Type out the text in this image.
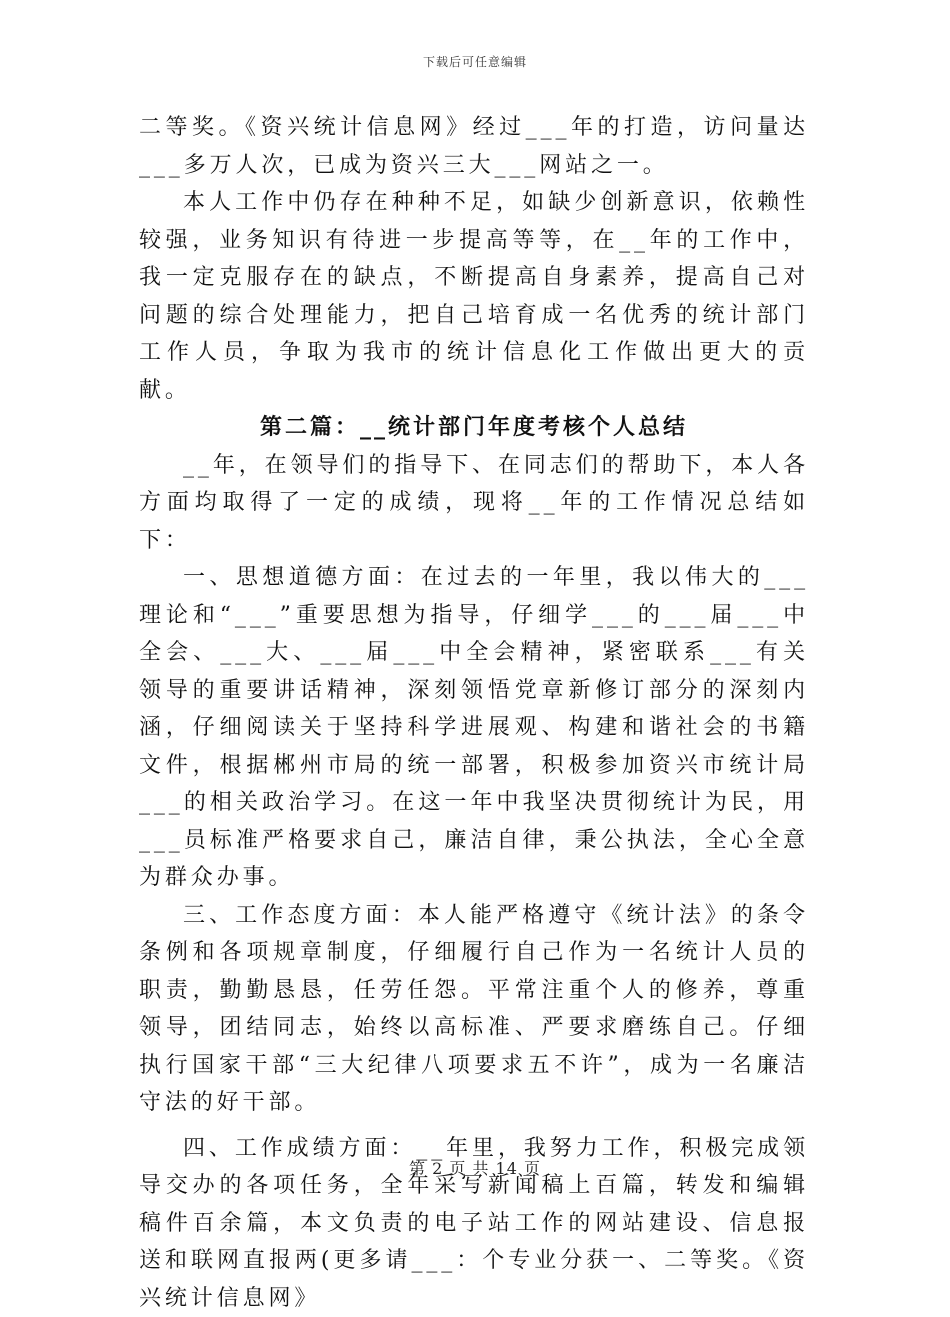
下载后可任意编辑

二等奖。《资兴统计信息网》经过___年的打造，访问量达___多万人次，已成为资兴三大___网站之一。

本人工作中仍存在种种不足，如缺少创新意识，依赖性较强，业务知识有待进一步提高等等，在__年的工作中，我一定克服存在的缺点，不断提高自身素养，提高自己对问题的综合处理能力，把自己培育成一名优秀的统计部门工作人员，争取为我市的统计信息化工作做出更大的贡献。

第二篇：__统计部门年度考核个人总结

__年，在领导们的指导下、在同志们的帮助下，本人各方面均取得了一定的成绩，现将__年的工作情况总结如下：

一、思想道德方面：在过去的一年里，我以伟大的___理论和“___”重要思想为指导，仔细学___的___届___中全会、___大、___届___中全会精神，紧密联系___有关领导的重要讲话精神，深刻领悟党章新修订部分的深刻内涵，仔细阅读关于坚持科学进展观、构建和谐社会的书籍文件，根据郴州市局的统一部署，积极参加资兴市统计局___的相关政治学习。在这一年中我坚决贯彻统计为民，用___员标准严格要求自己，廉洁自律，秉公执法，全心全意为群众办事。

三、工作态度方面：本人能严格遵守《统计法》的条令条例和各项规章制度，仔细履行自己作为一名统计人员的职责，勤勤恳恳，任劳任怨。平常注重个人的修养，尊重领导，团结同志，始终以高标准、严要求磨练自己。仔细执行国家干部“三大纪律八项要求五不许”，成为一名廉洁守法的好干部。

四、工作成绩方面：__年里，我努力工作，积极完成领导交办的各项任务，全年采写新闻稿上百篇，转发和编辑稿件百余篇，本文负责的电子站工作的网站建设、信息报送和联网直报两(更多请___：个专业分获一、二等奖。《资兴统计信息网》

第 2 页 共 14 页
